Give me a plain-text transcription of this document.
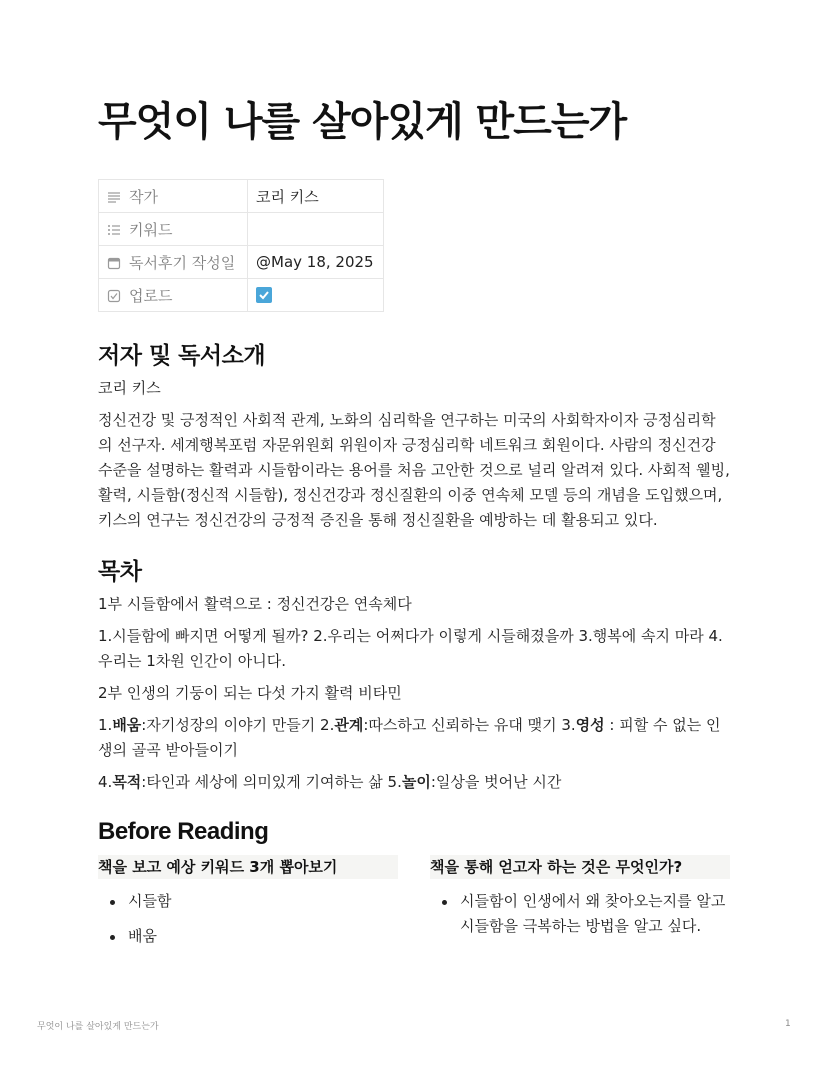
무엇이 나를 살아있게 만드는가
작가	코리 키스

키워드	

독서후기 작성일	@May 18, 2025

업로드	
저자 및 독서소개

코리 키스

정신건강 및 긍정적인 사회적 관계, 노화의 심리학을 연구하는 미국의 사회학자이자 긍정심리학의 선구자. 세계행복포럼 자문위원회 위원이자 긍정심리학 네트워크 회원이다. 사람의 정신건강 수준을 설명하는 활력과 시들함이라는 용어를 처음 고안한 것으로 널리 알려져 있다. 사회적 웰빙, 활력, 시들함(정신적 시들함), 정신건강과 정신질환의 이중 연속체 모델 등의 개념을 도입했으며, 키스의 연구는 정신건강의 긍정적 증진을 통해 정신질환을 예방하는 데 활용되고 있다.

목차

1부 시들함에서 활력으로 : 정신건강은 연속체다

1.시들함에 빠지면 어떻게 될까? 2.우리는 어쩌다가 이렇게 시들해졌을까 3.행복에 속지 마라 4.우리는 1차원 인간이 아니다.

2부 인생의 기둥이 되는 다섯 가지 활력 비타민

1.배움:자기성장의 이야기 만들기 2.관계:따스하고 신뢰하는 유대 맺기 3.영성 : 피할 수 없는 인생의 골곡 받아들이기

4.목적:타인과 세상에 의미있게 기여하는 삶 5.놀이:일상을 벗어난 시간

Before Reading
책을 보고 예상 키워드 3개 뽑아보기
시들함
배움
책을 통해 얻고자 하는 것은 무엇인가?
시들함이 인생에서 왜 찾아오는지를 알고 시들함을 극복하는 방법을 알고 싶다.
무엇이 나를 살아있게 만드는가	1
